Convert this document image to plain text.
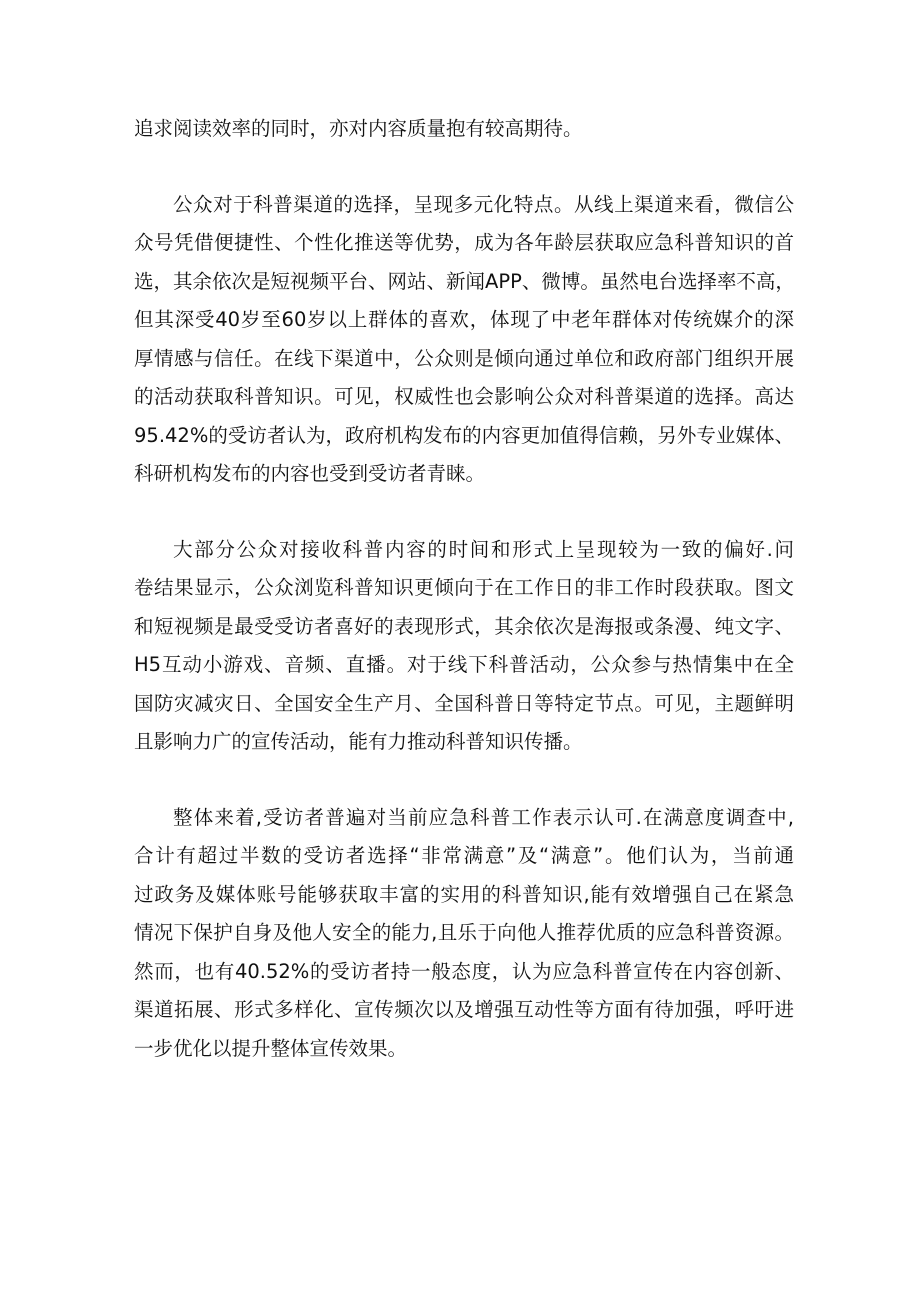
追求阅读效率的同时，亦对内容质量抱有较高期待。

公众对于科普渠道的选择，呈现多元化特点。从线上渠道来看，微信公
众号凭借便捷性、个性化推送等优势，成为各年龄层获取应急科普知识的首
选，其余依次是短视频平台、网站、新闻APP、微博。虽然电台选择率不高，
但其深受40岁至60岁以上群体的喜欢，体现了中老年群体对传统媒介的深
厚情感与信任。在线下渠道中，公众则是倾向通过单位和政府部门组织开展
的活动获取科普知识。可见，权威性也会影响公众对科普渠道的选择。高达
95.42%的受访者认为，政府机构发布的内容更加值得信赖，另外专业媒体、
科研机构发布的内容也受到受访者青睐。

大部分公众对接收科普内容的时间和形式上呈现较为一致的偏好.问
卷结果显示，公众浏览科普知识更倾向于在工作日的非工作时段获取。图文
和短视频是最受受访者喜好的表现形式，其余依次是海报或条漫、纯文字、
H5互动小游戏、音频、直播。对于线下科普活动，公众参与热情集中在全
国防灾减灾日、全国安全生产月、全国科普日等特定节点。可见，主题鲜明
且影响力广的宣传活动，能有力推动科普知识传播。

整体来着,受访者普遍对当前应急科普工作表示认可.在满意度调查中,
合计有超过半数的受访者选择“非常满意”及“满意”。他们认为，当前通
过政务及媒体账号能够获取丰富的实用的科普知识,能有效增强自己在紧急
情况下保护自身及他人安全的能力,且乐于向他人推荐优质的应急科普资源。
然而，也有40.52%的受访者持一般态度，认为应急科普宣传在内容创新、
渠道拓展、形式多样化、宣传频次以及增强互动性等方面有待加强，呼吁进
一步优化以提升整体宣传效果。
